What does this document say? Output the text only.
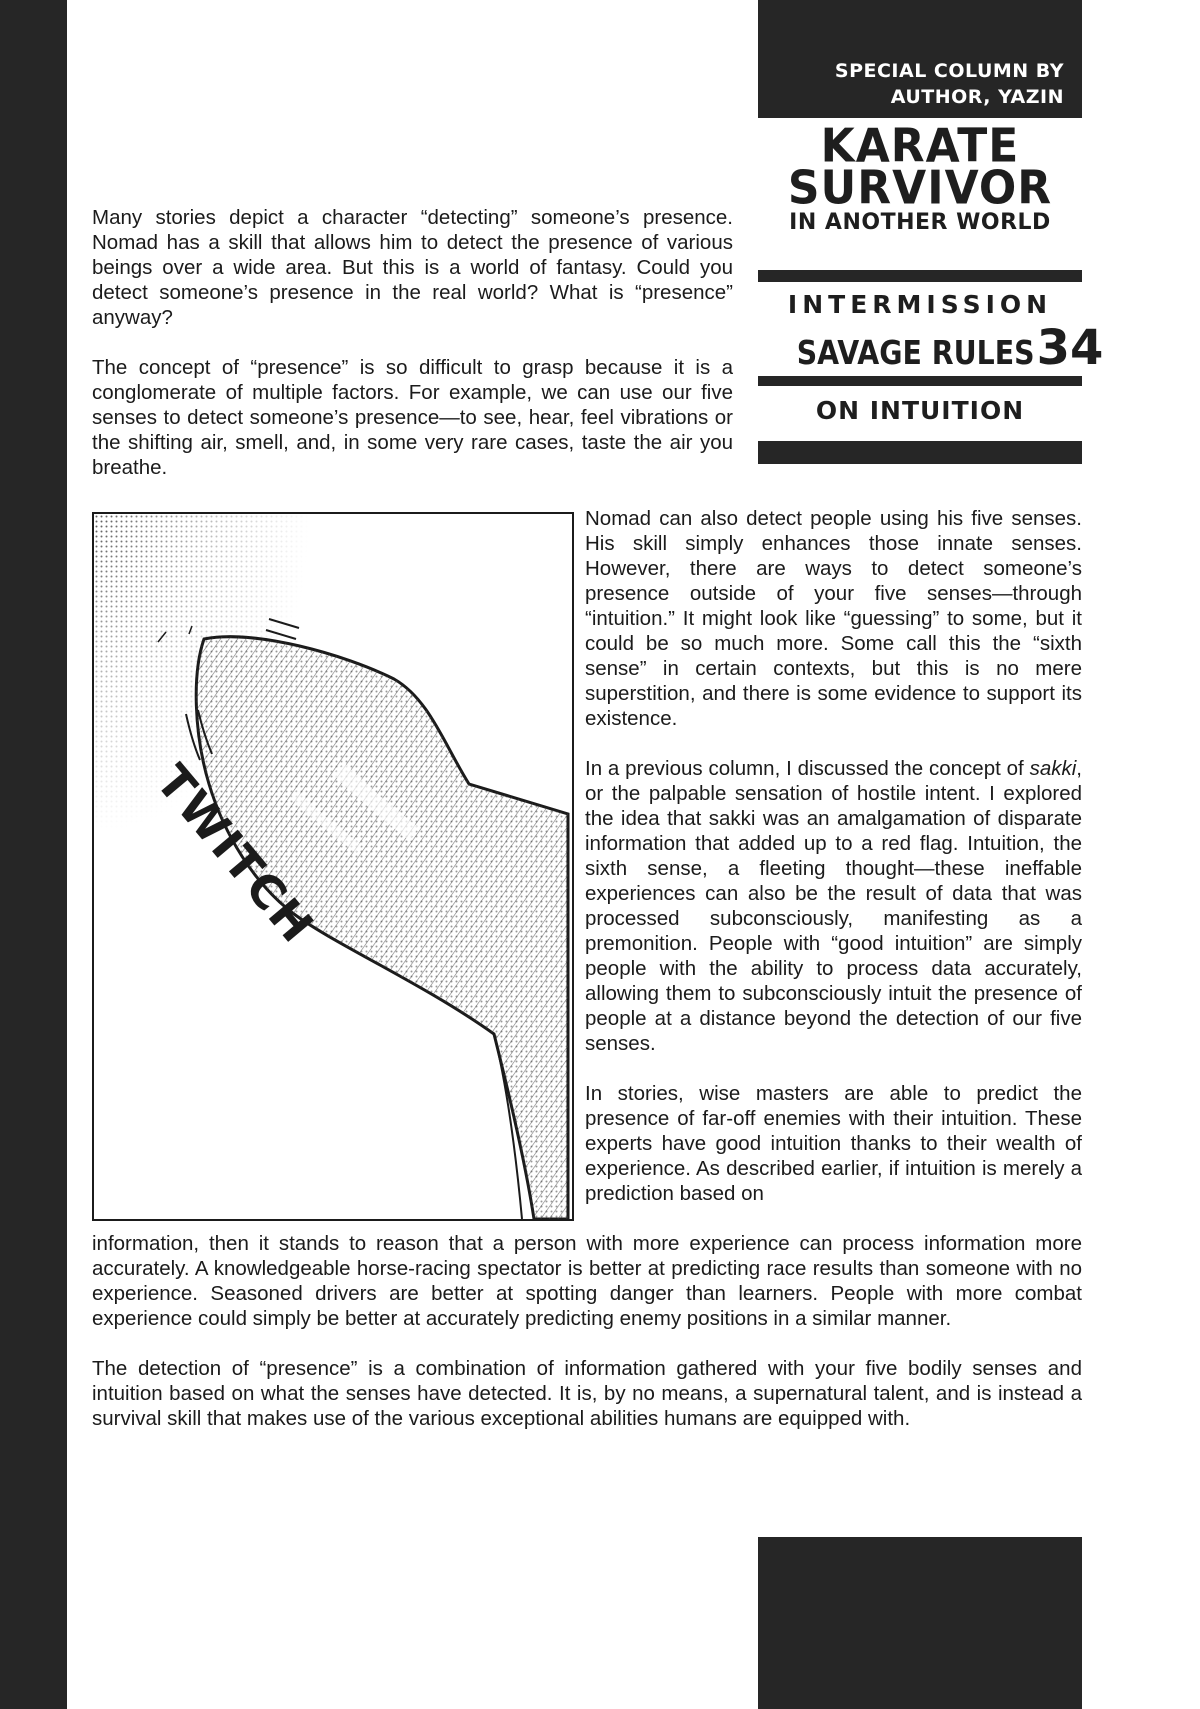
SPECIAL COLUMN BY
AUTHOR, YAZIN
KARATE
SURVIVOR
IN ANOTHER WORLD
INTERMISSION
SAVAGE RULES34
ON INTUITION

Many stories depict a character “detecting” someone’s presence. Nomad has a skill that allows him to detect the presence of various beings over a wide area. But this is a world of fantasy. Could you detect someone’s presence in the real world? What is “presence” anyway?

The concept of “presence” is so difficult to grasp because it is a conglomerate of multiple factors. For example, we can use our five senses to detect someone’s presence—to see, hear, feel vibrations or the shifting air, smell, and, in some very rare cases, taste the air you breathe.

TWITCH

Nomad can also detect people using his five senses. His skill simply enhances those innate senses. However, there are ways to detect someone’s presence outside of your five senses—through “intuition.” It might look like “guessing” to some, but it could be so much more. Some call this the “sixth sense” in certain contexts, but this is no mere superstition, and there is some evidence to support its existence.

In a previous column, I discussed the concept of sakki, or the palpable sensation of hostile intent. I explored the idea that sakki was an amalgamation of disparate information that added up to a red flag. Intuition, the sixth sense, a fleeting thought—these ineffable experiences can also be the result of data that was processed subconsciously, manifesting as a premonition. People with “good intuition” are simply people with the ability to process data accurately, allowing them to subconsciously intuit the presence of people at a distance beyond the detection of our five senses.

In stories, wise masters are able to predict the presence of far-off enemies with their intuition. These experts have good intuition thanks to their wealth of experience. As described earlier, if intuition is merely a prediction based on

information, then it stands to reason that a person with more experience can process information more accurately. A knowledgeable horse-racing spectator is better at predicting race results than someone with no experience. Seasoned drivers are better at spotting danger than learners. People with more combat experience could simply be better at accurately predicting enemy positions in a similar manner.

The detection of “presence” is a combination of information gathered with your five bodily senses and intuition based on what the senses have detected. It is, by no means, a supernatural talent, and is instead a survival skill that makes use of the various exceptional abilities humans are equipped with.
